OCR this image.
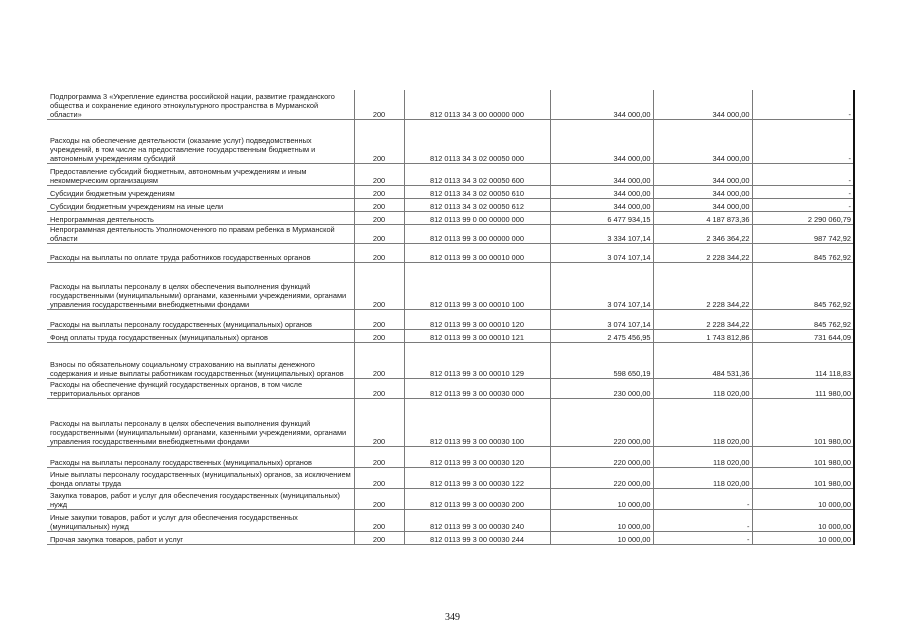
Подпрограмма 3 «Укрепление единства российской нации, развитие гражданского общества и сохранение единого этнокультурного пространства в Мурманской области»	200	812 0113 34 3 00 00000 000	344 000,00	344 000,00	-
Расходы на обеспечение деятельности (оказание услуг) подведомственных учреждений, в том числе на предоставление государственным бюджетным и автономным учреждениям субсидий	200	812 0113 34 3 02 00050 000	344 000,00	344 000,00	-
Предоставление субсидий бюджетным, автономным учреждениям и иным некоммерческим организациям	200	812 0113 34 3 02 00050 600	344 000,00	344 000,00	-
Субсидии бюджетным учреждениям	200	812 0113 34 3 02 00050 610	344 000,00	344 000,00	-
Субсидии бюджетным учреждениям на иные цели	200	812 0113 34 3 02 00050 612	344 000,00	344 000,00	-
Непрограммная деятельность	200	812 0113 99 0 00 00000 000	6 477 934,15	4 187 873,36	2 290 060,79
Непрограммная деятельность Уполномоченного по правам ребенка в Мурманской области	200	812 0113 99 3 00 00000 000	3 334 107,14	2 346 364,22	987 742,92
Расходы на выплаты по оплате труда работников государственных органов	200	812 0113 99 3 00 00010 000	3 074 107,14	2 228 344,22	845 762,92
Расходы на выплаты персоналу в целях обеспечения выполнения функций государственными (муниципальными) органами, казенными учреждениями, органами управления государственными внебюджетными фондами	200	812 0113 99 3 00 00010 100	3 074 107,14	2 228 344,22	845 762,92
Расходы на выплаты персоналу государственных (муниципальных) органов	200	812 0113 99 3 00 00010 120	3 074 107,14	2 228 344,22	845 762,92
Фонд оплаты труда государственных (муниципальных) органов	200	812 0113 99 3 00 00010 121	2 475 456,95	1 743 812,86	731 644,09
Взносы по обязательному социальному страхованию на выплаты денежного содержания и иные выплаты работникам государственных (муниципальных) органов	200	812 0113 99 3 00 00010 129	598 650,19	484 531,36	114 118,83
Расходы на обеспечение функций государственных органов, в том числе территориальных органов	200	812 0113 99 3 00 00030 000	230 000,00	118 020,00	111 980,00
Расходы на выплаты персоналу в целях обеспечения выполнения функций государственными (муниципальными) органами, казенными учреждениями, органами управления государственными внебюджетными фондами	200	812 0113 99 3 00 00030 100	220 000,00	118 020,00	101 980,00
Расходы на выплаты персоналу государственных (муниципальных) органов	200	812 0113 99 3 00 00030 120	220 000,00	118 020,00	101 980,00
Иные выплаты персоналу государственных (муниципальных) органов, за исключением фонда оплаты труда	200	812 0113 99 3 00 00030 122	220 000,00	118 020,00	101 980,00
Закупка товаров, работ и услуг для обеспечения государственных (муниципальных) нужд	200	812 0113 99 3 00 00030 200	10 000,00	-	10 000,00
Иные закупки товаров, работ и услуг для обеспечения государственных (муниципальных) нужд	200	812 0113 99 3 00 00030 240	10 000,00	-	10 000,00
Прочая закупка товаров, работ и услуг	200	812 0113 99 3 00 00030 244	10 000,00	-	10 000,00
349
